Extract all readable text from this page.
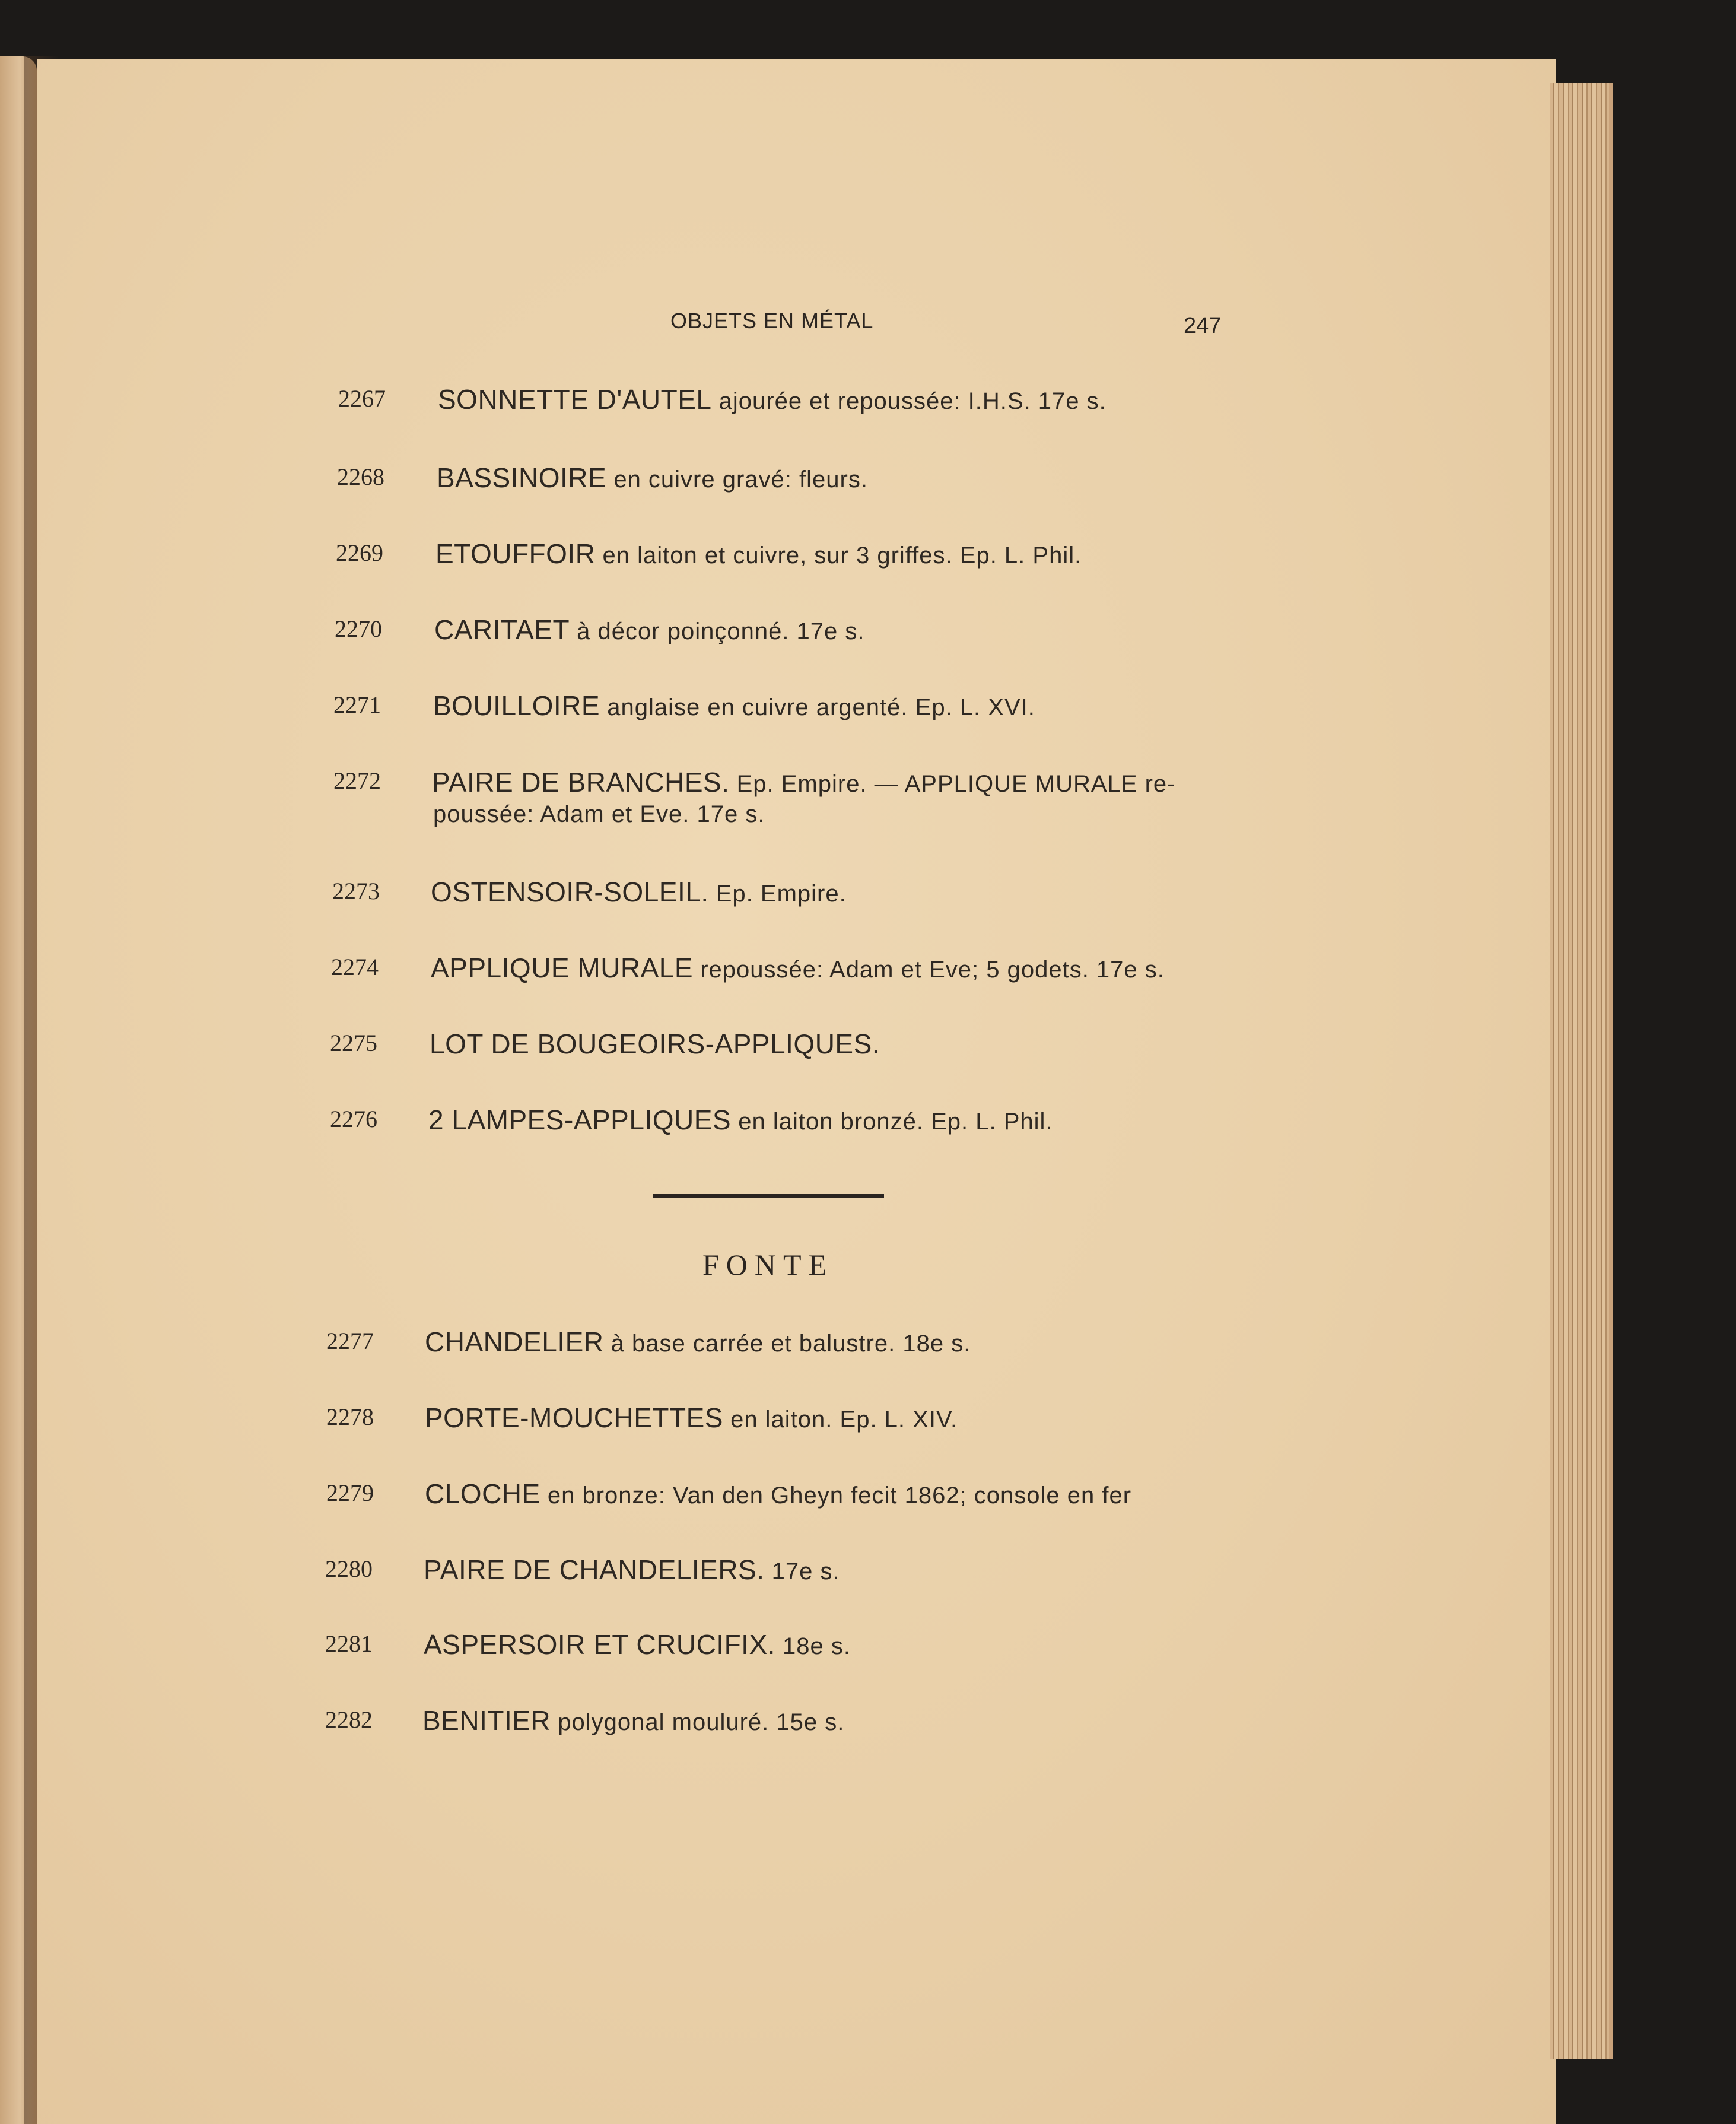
OBJETS EN MÉTAL	247
2267 SONNETTE D'AUTEL ajourée et repoussée: I.H.S. 17e s.
2268 BASSINOIRE en cuivre gravé: fleurs.
2269 ETOUFFOIR en laiton et cuivre, sur 3 griffes. Ep. L. Phil.
2270 CARITAET à décor poinçonné. 17e s.
2271 BOUILLOIRE anglaise en cuivre argenté. Ep. L. XVI.
2272 PAIRE DE BRANCHES. Ep. Empire. — APPLIQUE MURALE re-
poussée: Adam et Eve. 17e s.
2273 OSTENSOIR-SOLEIL. Ep. Empire.
2274 APPLIQUE MURALE repoussée: Adam et Eve; 5 godets. 17e s.
2275 LOT DE BOUGEOIRS-APPLIQUES.
2276 2 LAMPES-APPLIQUES en laiton bronzé. Ep. L. Phil.
FONTE
2277 CHANDELIER à base carrée et balustre. 18e s.
2278 PORTE-MOUCHETTES en laiton. Ep. L. XIV.
2279 CLOCHE en bronze: Van den Gheyn fecit 1862; console en fer
2280 PAIRE DE CHANDELIERS. 17e s.
2281 ASPERSOIR ET CRUCIFIX. 18e s.
2282 BENITIER polygonal mouluré. 15e s.
